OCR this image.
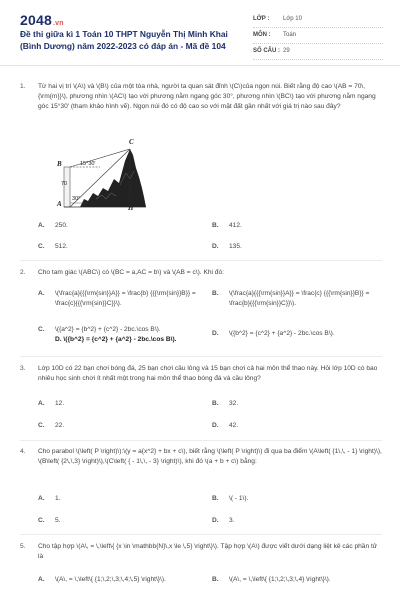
2048.vn
Đề thi giữa kì 1 Toán 10 THPT Nguyễn Thị Minh Khai (Bình Dương) năm 2022-2023 có đáp án - Mã đề 104
LỚP : Lớp 10
MÔN : Toán
SỐ CÂU : 29
1. Từ hai vị trí \(A\) và \(B\) của một tòa nhà, người ta quan sát đỉnh \(C\)của ngọn núi. Biết rằng độ cao \(AB = 70\,{\rm{m}}\), phương nhìn \(AC\) tạo với phương nằm ngang góc 30°, phương nhìn \(BC\) tạo với phương nằm ngang góc 15°30' (tham khảo hình vẽ). Ngọn núi đó có độ cao so với mặt đất gần nhất với giá trị nào sau đây?
C
B
A	H
15°30'
70
30°
A. 250.	B. 412.
C. 512.	D. 135.
2. Cho tam giác \(ABC\) có \(BC = a,AC = b\) và \(AB = c\). Khi đó:
A. \(\frac{a}{{{\rm{sin}}A}} = \frac{b} {{{\rm{sin}}B}} = \frac{c}{{{\rm{sin}}C}}\).
B. \(\frac{a}{{{\rm{sin}}A}} = \frac{c} {{{\rm{sin}}B}} = \frac{b}{{{\rm{sin}}C}}\).
C. \({a^2} = {b^2} + {c^2} - 2bc.\cos B\).
D. \({b^2} = {c^2} + {a^2} - 2bc.\cos B\).
D. \({b^2} = {c^2} + {a^2} - 2bc.\cos B\).
3. Lớp 10D có 22 bạn chơi bóng đá, 25 bạn chơi cầu lông và 15 bạn chơi cả hai môn thể thao này. Hỏi lớp 10D có bao nhiêu học sinh chơi ít nhất một trong hai môn thể thao bóng đá và cầu lông?
A. 12.	B. 32.
C. 22.	D. 42.
4. Cho parabol \(\left( P \right)\):\(y = a{x^2} + bx + c\), biết rằng \(\left( P \right)\) đi qua ba điểm \(A\left( {1\,\, - 1} \right)\), \(B\left( {2\,\,3} \right)\),\(C\left( { - 1\,\, - 3} \right)\), khi đó \(a + b + c\) bằng:
A. 1.	B. \( - 1\).
C. 5.	D. 3.
5. Cho tập hợp \(A\, = \,\left\{ {x \in \mathbb{N}\,x \le \,5} \right\}\). Tập hợp \(A\) được viết dưới dạng liệt kê các phần tử là
A. \(A\, = \,\left\{ {1;\,2;\,3;\,4;\,5} \right\}\).	B. \(A\, = \,\left\{ {1;\,2;\,3;\,4} \right\}\).
